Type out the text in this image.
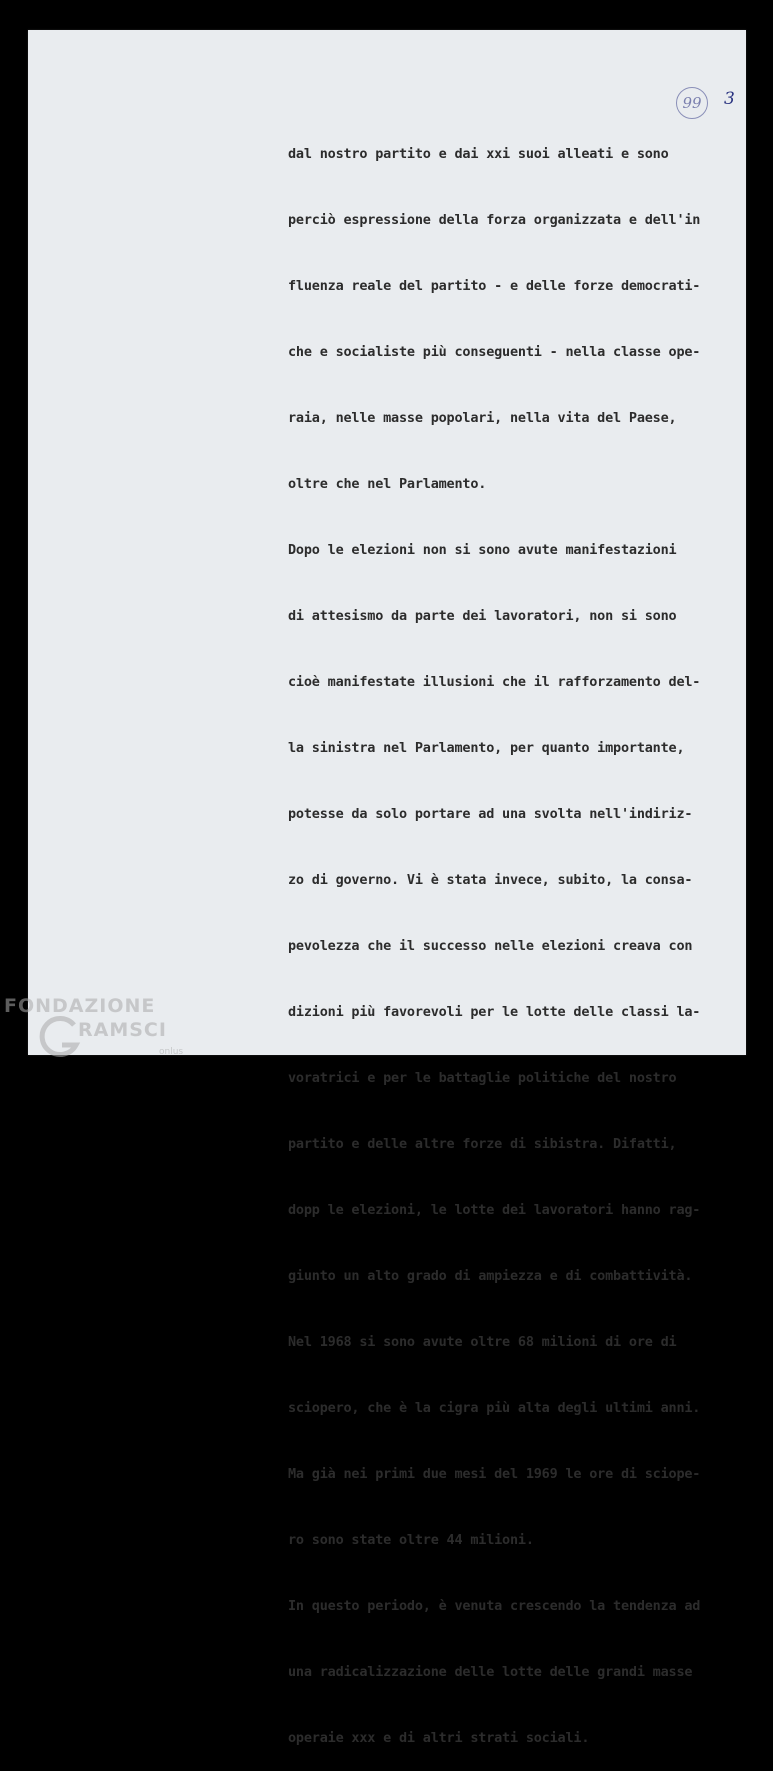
99	3

dal nostro partito e dai xxi suoi alleati e sono

perciò espressione della forza organizzata e dell'in

fluenza reale del partito - e delle forze democrati-

che e socialiste più conseguenti - nella classe ope-

raia, nelle masse popolari, nella vita del Paese,

oltre che nel Parlamento.

Dopo le elezioni non si sono avute manifestazioni

di attesismo da parte dei lavoratori, non si sono

cioè manifestate illusioni che il rafforzamento del-

la sinistra nel Parlamento, per quanto importante,

potesse da solo portare ad una svolta nell'indiriz-

zo di governo. Vi è stata invece, subito, la consa-

pevolezza che il successo nelle elezioni creava con

dizioni più favorevoli per le lotte delle classi la-

voratrici e per le battaglie politiche del nostro

partito e delle altre forze di sibistra. Difatti,

dopp le elezioni, le lotte dei lavoratori hanno rag-

giunto un alto grado di ampiezza e di combattività.

Nel 1968 si sono avute oltre 68 milioni di ore di

sciopero, che è la cigra più alta degli ultimi anni.

Ma già nei primi due mesi del 1969 le ore di sciope-

ro sono state oltre 44 milioni.

In questo periodo, è venuta crescendo la tendenza ad

una radicalizzazione delle lotte delle grandi masse

operaie xxx e di altri strati sociali.

FONDAZIONE
RAMSCI
onlus
